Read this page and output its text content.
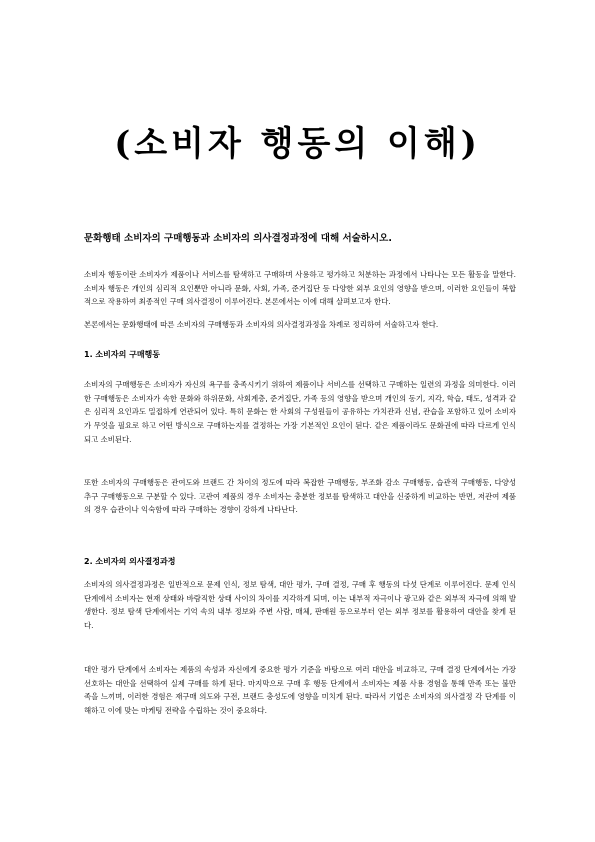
(소비자 행동의 이해)
문화행태 소비자의 구매행동과 소비자의 의사결정과정에 대해 서술하시오.

소비자 행동이란 소비자가 제품이나 서비스를 탐색하고 구매하며 사용하고 평가하고 처분하는 과정에서 나타나는 모든 활동을 말한다. 소비자 행동은 개인의 심리적 요인뿐만 아니라 문화, 사회, 가족, 준거집단 등 다양한 외부 요인의 영향을 받으며, 이러한 요인들이 복합적으로 작용하여 최종적인 구매 의사결정이 이루어진다. 본론에서는 이에 대해 살펴보고자 한다.

본론에서는 문화행태에 따른 소비자의 구매행동과 소비자의 의사결정과정을 차례로 정리하여 서술하고자 한다.

1. 소비자의 구매행동

소비자의 구매행동은 소비자가 자신의 욕구를 충족시키기 위하여 제품이나 서비스를 선택하고 구매하는 일련의 과정을 의미한다. 이러한 구매행동은 소비자가 속한 문화와 하위문화, 사회계층, 준거집단, 가족 등의 영향을 받으며 개인의 동기, 지각, 학습, 태도, 성격과 같은 심리적 요인과도 밀접하게 연관되어 있다. 특히 문화는 한 사회의 구성원들이 공유하는 가치관과 신념, 관습을 포함하고 있어 소비자가 무엇을 필요로 하고 어떤 방식으로 구매하는지를 결정하는 가장 기본적인 요인이 된다. 같은 제품이라도 문화권에 따라 다르게 인식되고 소비된다.

또한 소비자의 구매행동은 관여도와 브랜드 간 차이의 정도에 따라 복잡한 구매행동, 부조화 감소 구매행동, 습관적 구매행동, 다양성 추구 구매행동으로 구분할 수 있다. 고관여 제품의 경우 소비자는 충분한 정보를 탐색하고 대안을 신중하게 비교하는 반면, 저관여 제품의 경우 습관이나 익숙함에 따라 구매하는 경향이 강하게 나타난다.

2. 소비자의 의사결정과정

소비자의 의사결정과정은 일반적으로 문제 인식, 정보 탐색, 대안 평가, 구매 결정, 구매 후 행동의 다섯 단계로 이루어진다. 문제 인식 단계에서 소비자는 현재 상태와 바람직한 상태 사이의 차이를 지각하게 되며, 이는 내부적 자극이나 광고와 같은 외부적 자극에 의해 발생한다. 정보 탐색 단계에서는 기억 속의 내부 정보와 주변 사람, 매체, 판매원 등으로부터 얻는 외부 정보를 활용하여 대안을 찾게 된다.

대안 평가 단계에서 소비자는 제품의 속성과 자신에게 중요한 평가 기준을 바탕으로 여러 대안을 비교하고, 구매 결정 단계에서는 가장 선호하는 대안을 선택하여 실제 구매를 하게 된다. 마지막으로 구매 후 행동 단계에서 소비자는 제품 사용 경험을 통해 만족 또는 불만족을 느끼며, 이러한 경험은 재구매 의도와 구전, 브랜드 충성도에 영향을 미치게 된다. 따라서 기업은 소비자의 의사결정 각 단계를 이해하고 이에 맞는 마케팅 전략을 수립하는 것이 중요하다.
